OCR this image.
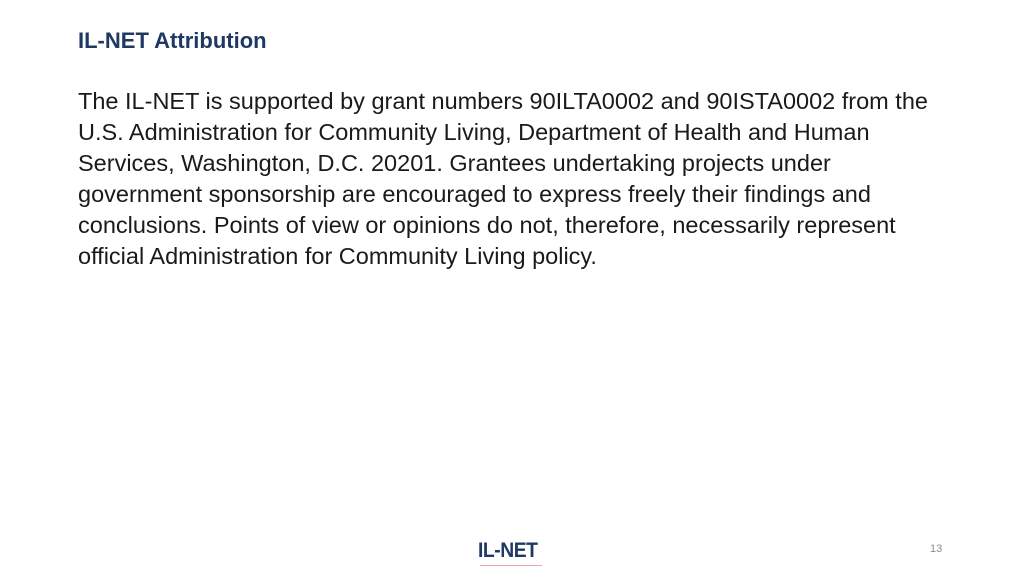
IL-NET Attribution

The IL-NET is supported by grant numbers 90ILTA0002 and 90ISTA0002 from the U.S. Administration for Community Living, Department of Health and Human Services, Washington, D.C. 20201. Grantees undertaking projects under government sponsorship are encouraged to express freely their findings and conclusions. Points of view or opinions do not, therefore, necessarily represent official Administration for Community Living policy.

IL-NET	13
